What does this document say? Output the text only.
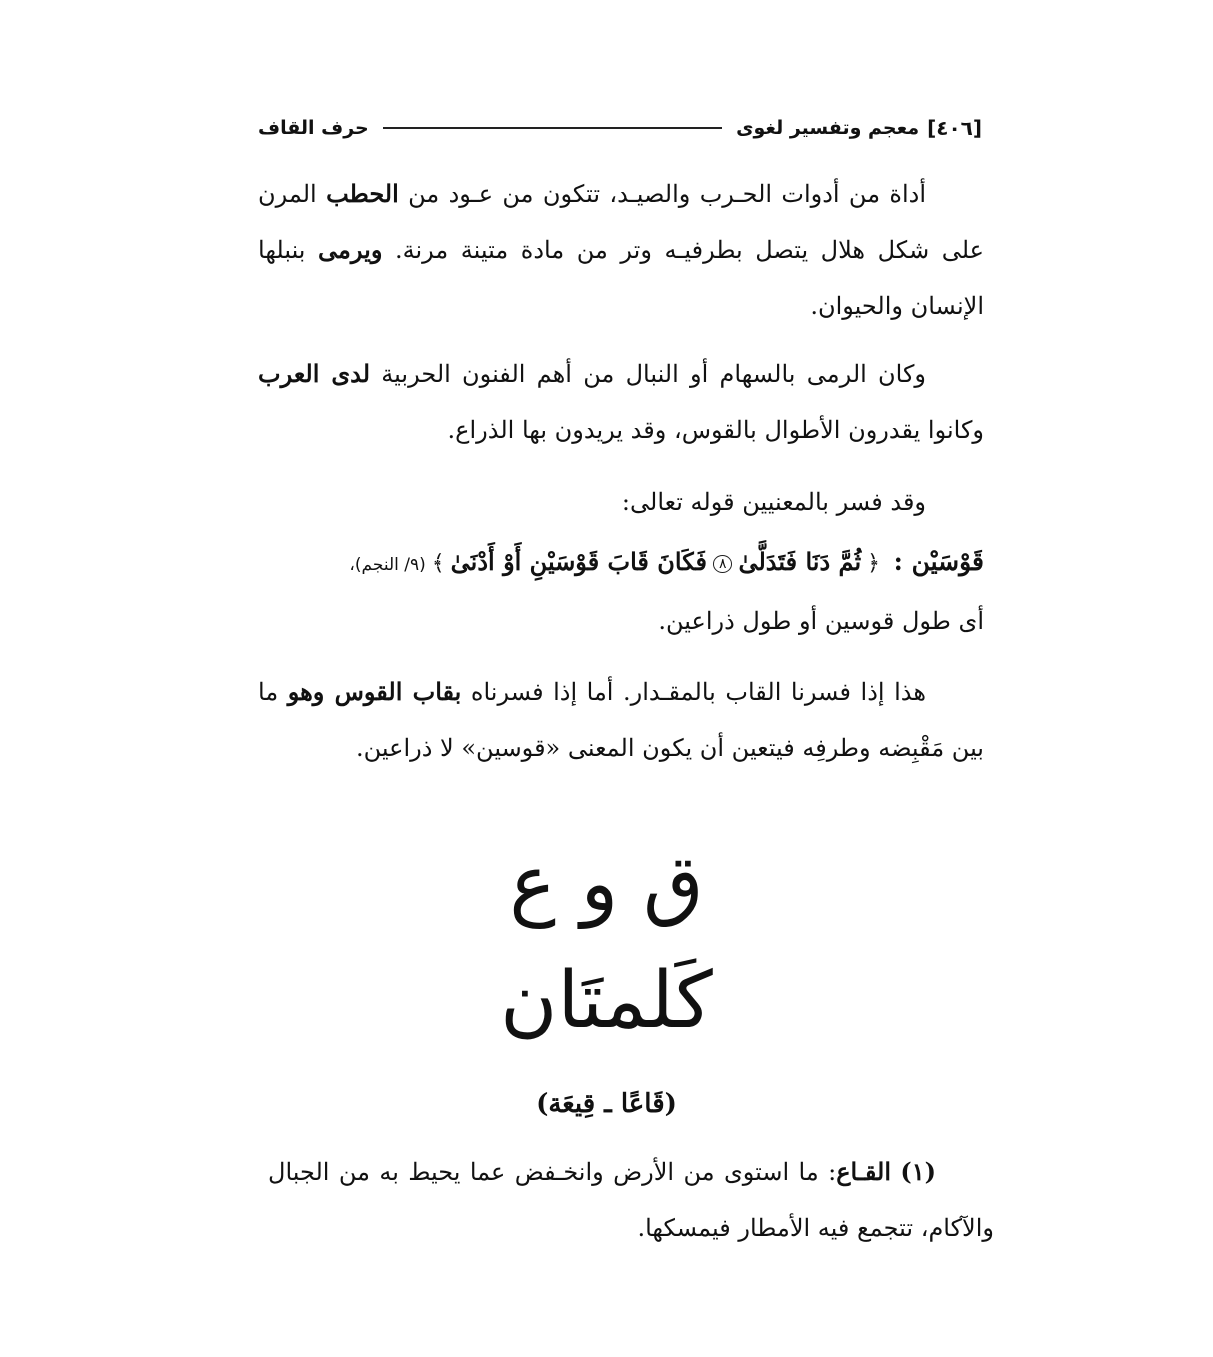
[٤٠٦]
معجم وتفسير لغوى
حرف القاف

أداة من أدوات الحـرب والصيـد، تتكون من عـود من الحطب المرن على شكل هلال يتصل بطرفيـه وتر من مادة متينة مرنة. ويرمى بنبلها الإنسان والحيوان.

وكان الرمى بالسهام أو النبال من أهم الفنون الحربية لدى العرب وكانوا يقدرون الأطوال بالقوس، وقد يريدون بها الذراع.

وقد فسر بالمعنيين قوله تعالى:

قَوْسَيْن : ﴿ثُمَّ دَنَا فَتَدَلَّىٰ٨فَكَانَ قَابَ قَوْسَيْنِ أَوْ أَدْنَىٰ﴾(٩/ النجم)،
أى طول قوسين أو طول ذراعين.

هذا إذا فسرنا القاب بالمقـدار. أما إذا فسرناه بقاب القوس وهو ما بين مَقْبِضه وطرفِه فيتعين أن يكون المعنى «قوسين» لا ذراعين.

ق و ع
كَلمتَان
(قَاعًا ـ قِيعَة)

(١) القـاع: ما استوى من الأرض وانخـفض عما يحيط به من الجبال والآكام، تتجمع فيه الأمطار فيمسكها.
